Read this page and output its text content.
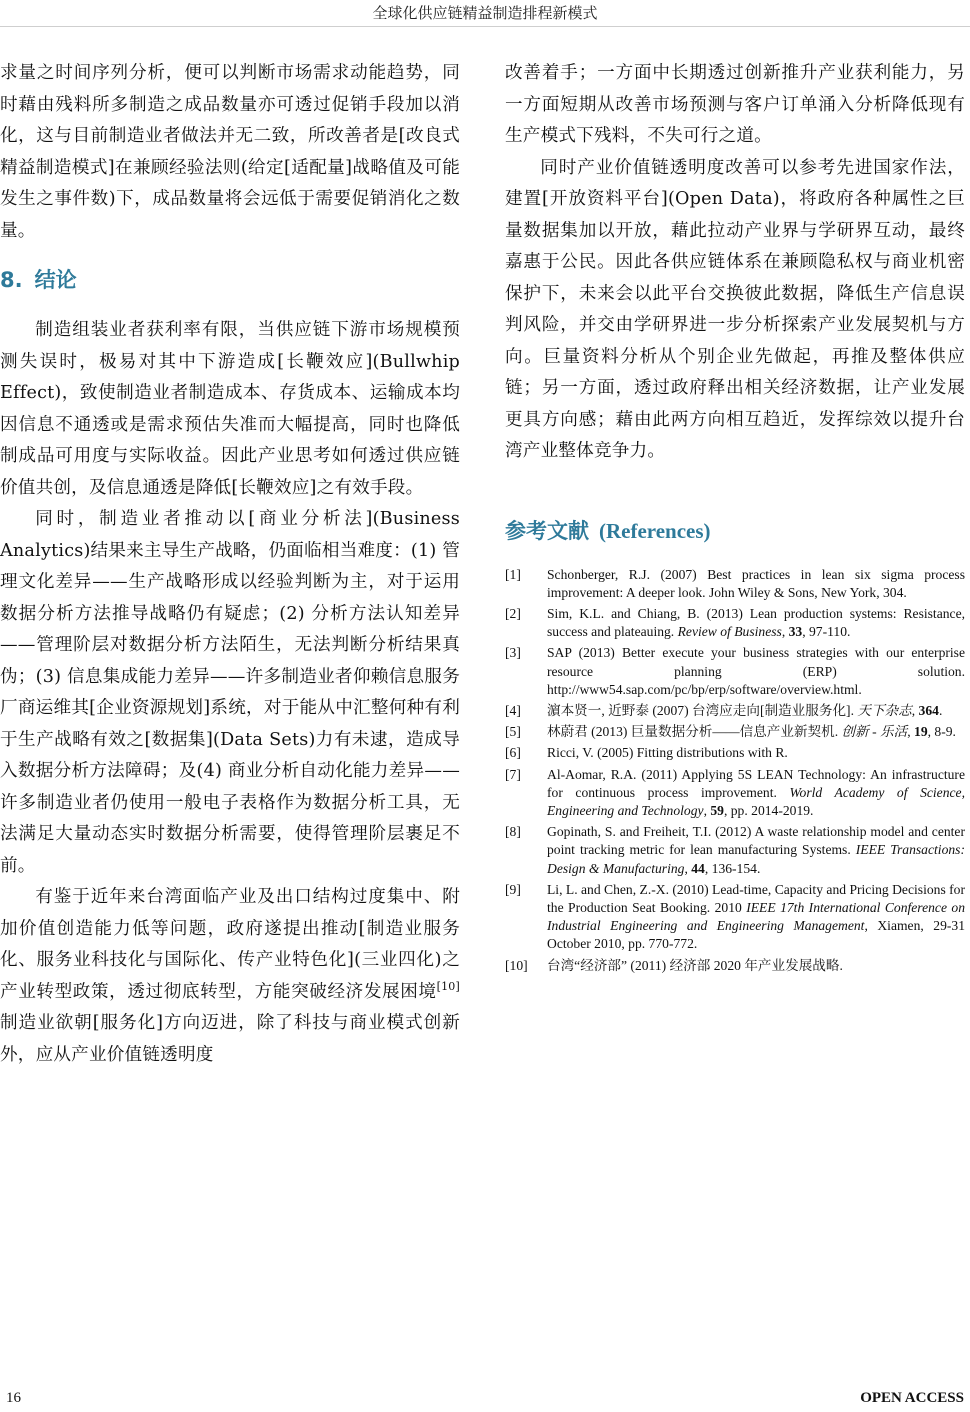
全球化供应链精益制造排程新模式

求量之时间序列分析，便可以判断市场需求动能趋势，同时藉由残料所多制造之成品数量亦可透过促销手段加以消化，这与目前制造业者做法并无二致，所改善者是[改良式精益制造模式]在兼顾经验法则(给定[适配量]战略值及可能发生之事件数)下，成品数量将会远低于需要促销消化之数量。

8. 结论

制造组装业者获利率有限，当供应链下游市场规模预测失误时，极易对其中下游造成[长鞭效应](Bullwhip Effect)，致使制造业者制造成本、存货成本、运输成本均因信息不通透或是需求预估失准而大幅提高，同时也降低制成品可用度与实际收益。因此产业思考如何透过供应链价值共创，及信息通透是降低[长鞭效应]之有效手段。

同时，制造业者推动以[商业分析法](Business Analytics)结果来主导生产战略，仍面临相当难度：(1) 管理文化差异——生产战略形成以经验判断为主，对于运用数据分析方法推导战略仍有疑虑；(2) 分析方法认知差异——管理阶层对数据分析方法陌生，无法判断分析结果真伪；(3) 信息集成能力差异——许多制造业者仰赖信息服务厂商运维其[企业资源规划]系统，对于能从中汇整何种有利于生产战略有效之[数据集](Data Sets)力有未逮，造成导入数据分析方法障碍；及(4) 商业分析自动化能力差异——许多制造业者仍使用一般电子表格作为数据分析工具，无法满足大量动态实时数据分析需要，使得管理阶层裹足不前。

有鉴于近年来台湾面临产业及出口结构过度集中、附加价值创造能力低等问题，政府遂提出推动[制造业服务化、服务业科技化与国际化、传产业特色化](三业四化)之产业转型政策，透过彻底转型，方能突破经济发展困境[10]制造业欲朝[服务化]方向迈进，除了科技与商业模式创新外，应从产业价值链透明度

改善着手；一方面中长期透过创新推升产业获利能力，另一方面短期从改善市场预测与客户订单涌入分析降低现有生产模式下残料，不失可行之道。

同时产业价值链透明度改善可以参考先进国家作法，建置[开放资料平台](Open Data)，将政府各种属性之巨量数据集加以开放，藉此拉动产业界与学研界互动，最终嘉惠于公民。因此各供应链体系在兼顾隐私权与商业机密保护下，未来会以此平台交换彼此数据，降低生产信息误判风险，并交由学研界进一步分析探索产业发展契机与方向。巨量资料分析从个别企业先做起，再推及整体供应链；另一方面，透过政府释出相关经济数据，让产业发展更具方向感；藉由此两方向相互趋近，发挥综效以提升台湾产业整体竞争力。

参考文献 (References)
[1]	Schonberger, R.J. (2007) Best practices in lean six sigma process improvement: A deeper look. John Wiley & Sons, New York, 304.
[2]	Sim, K.L. and Chiang, B. (2013) Lean production systems: Resistance, success and plateauing. Review of Business, 33, 97-110.
[3]	SAP (2013) Better execute your business strategies with our enterprise resource planning (ERP) solution. http://www54.sap.com/pc/bp/erp/software/overview.html.
[4]	濵本贤一, 近野泰 (2007) 台湾应走向[制造业服务化]. 天下杂志, 364.
[5]	林蔚君 (2013) 巨量数据分析——信息产业新契机. 创新 - 乐活, 19, 8-9.
[6]	Ricci, V. (2005) Fitting distributions with R.
[7]	Al-Aomar, R.A. (2011) Applying 5S LEAN Technology: An infrastructure for continuous process improvement. World Academy of Science, Engineering and Technology, 59, pp. 2014-2019.
[8]	Gopinath, S. and Freiheit, T.I. (2012) A waste relationship model and center point tracking metric for lean manufacturing Systems. IEEE Transactions: Design & Manufacturing, 44, 136-154.
[9]	Li, L. and Chen, Z.-X. (2010) Lead-time, Capacity and Pricing Decisions for the Production Seat Booking. 2010 IEEE 17th International Conference on Industrial Engineering and Engineering Management, Xiamen, 29-31 October 2010, pp. 770-772.
[10]	台湾“经济部” (2011) 经济部 2020 年产业发展战略.
16	OPEN ACCESS
